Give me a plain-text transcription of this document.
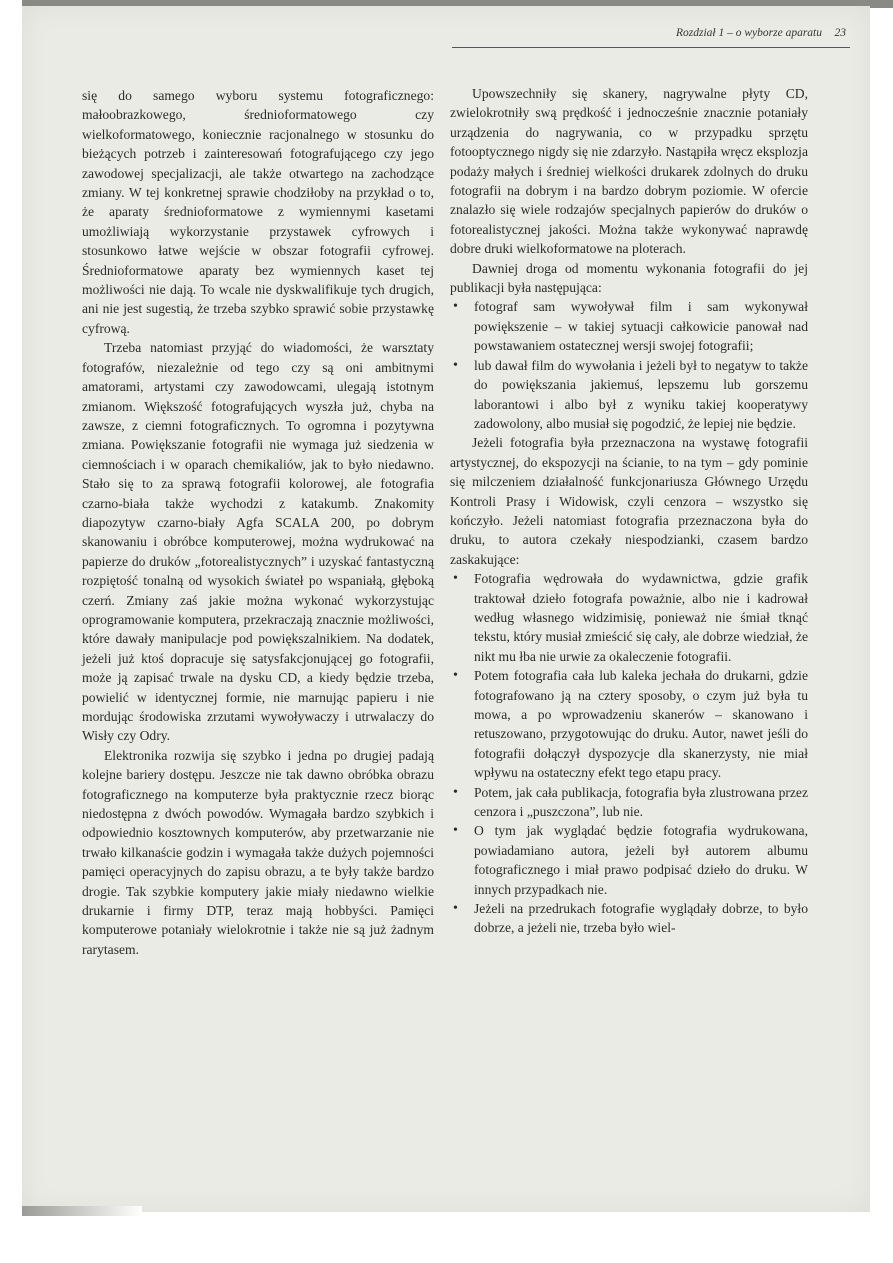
Rozdział 1 – o wyborze aparatu 23

się do samego wyboru systemu fotograficznego: małoobrazkowego, średnioformatowego czy wielkoformatowego, koniecznie racjonalnego w stosunku do bieżących potrzeb i zainteresowań fotografującego czy jego zawodowej specjalizacji, ale także otwartego na zachodzące zmiany. W tej konkretnej sprawie chodziłoby na przykład o to, że aparaty średnioformatowe z wymiennymi kasetami umożliwiają wykorzystanie przystawek cyfrowych i stosunkowo łatwe wejście w obszar fotografii cyfrowej. Średnioformatowe aparaty bez wymiennych kaset tej możliwości nie dają. To wcale nie dyskwalifikuje tych drugich, ani nie jest sugestią, że trzeba szybko sprawić sobie przystawkę cyfrową.

Trzeba natomiast przyjąć do wiadomości, że warsztaty fotografów, niezależnie od tego czy są oni ambitnymi amatorami, artystami czy zawodowcami, ulegają istotnym zmianom. Większość fotografujących wyszła już, chyba na zawsze, z ciemni fotograficznych. To ogromna i pozytywna zmiana. Powiększanie fotografii nie wymaga już siedzenia w ciemnościach i w oparach chemikaliów, jak to było niedawno. Stało się to za sprawą fotografii kolorowej, ale fotografia czarno-biała także wychodzi z katakumb. Znakomity diapozytyw czarno-biały Agfa SCALA 200, po dobrym skanowaniu i obróbce komputerowej, można wydrukować na papierze do druków „fotorealistycznych” i uzyskać fantastyczną rozpiętość tonalną od wysokich świateł po wspaniałą, głęboką czerń. Zmiany zaś jakie można wykonać wykorzystując oprogramowanie komputera, przekraczają znacznie możliwości, które dawały manipulacje pod powiększalnikiem. Na dodatek, jeżeli już ktoś dopracuje się satysfakcjonującej go fotografii, może ją zapisać trwale na dysku CD, a kiedy będzie trzeba, powielić w identycznej formie, nie marnując papieru i nie mordując środowiska zrzutami wywoływaczy i utrwalaczy do Wisły czy Odry.

Elektronika rozwija się szybko i jedna po drugiej padają kolejne bariery dostępu. Jeszcze nie tak dawno obróbka obrazu fotograficznego na komputerze była praktycznie rzecz biorąc niedostępna z dwóch powodów. Wymagała bardzo szybkich i odpowiednio kosztownych komputerów, aby przetwarzanie nie trwało kilkanaście godzin i wymagała także dużych pojemności pamięci operacyjnych do zapisu obrazu, a te były także bardzo drogie. Tak szybkie komputery jakie miały niedawno wielkie drukarnie i firmy DTP, teraz mają hobbyści. Pamięci komputerowe potaniały wielokrotnie i także nie są już żadnym rarytasem.

Upowszechniły się skanery, nagrywalne płyty CD, zwielokrotniły swą prędkość i jednocześnie znacznie potaniały urządzenia do nagrywania, co w przypadku sprzętu fotooptycznego nigdy się nie zdarzyło. Nastąpiła wręcz eksplozja podaży małych i średniej wielkości drukarek zdolnych do druku fotografii na dobrym i na bardzo dobrym poziomie. W ofercie znalazło się wiele rodzajów specjalnych papierów do druków o fotorealistycznej jakości. Można także wykonywać naprawdę dobre druki wielkoformatowe na ploterach.

Dawniej droga od momentu wykonania fotografii do jej publikacji była następująca:

• fotograf sam wywoływał film i sam wykonywał powiększenie – w takiej sytuacji całkowicie panował nad powstawaniem ostatecznej wersji swojej fotografii;
• lub dawał film do wywołania i jeżeli był to negatyw to także do powiększania jakiemuś, lepszemu lub gorszemu laborantowi i albo był z wyniku takiej kooperatywy zadowolony, albo musiał się pogodzić, że lepiej nie będzie.

Jeżeli fotografia była przeznaczona na wystawę fotografii artystycznej, do ekspozycji na ścianie, to na tym – gdy pominie się milczeniem działalność funkcjonariusza Głównego Urzędu Kontroli Prasy i Widowisk, czyli cenzora – wszystko się kończyło. Jeżeli natomiast fotografia przeznaczona była do druku, to autora czekały niespodzianki, czasem bardzo zaskakujące:

• Fotografia wędrowała do wydawnictwa, gdzie grafik traktował dzieło fotografa poważnie, albo nie i kadrował według własnego widzimisię, ponieważ nie śmiał tknąć tekstu, który musiał zmieścić się cały, ale dobrze wiedział, że nikt mu łba nie urwie za okaleczenie fotografii.
• Potem fotografia cała lub kaleka jechała do drukarni, gdzie fotografowano ją na cztery sposoby, o czym już była tu mowa, a po wprowadzeniu skanerów – skanowano i retuszowano, przygotowując do druku. Autor, nawet jeśli do fotografii dołączył dyspozycje dla skanerzysty, nie miał wpływu na ostateczny efekt tego etapu pracy.
• Potem, jak cała publikacja, fotografia była zlustrowana przez cenzora i „puszczona”, lub nie.
• O tym jak wyglądać będzie fotografia wydrukowana, powiadamiano autora, jeżeli był autorem albumu fotograficznego i miał prawo podpisać dzieło do druku. W innych przypadkach nie.
• Jeżeli na przedrukach fotografie wyglądały dobrze, to było dobrze, a jeżeli nie, trzeba było wiel-
